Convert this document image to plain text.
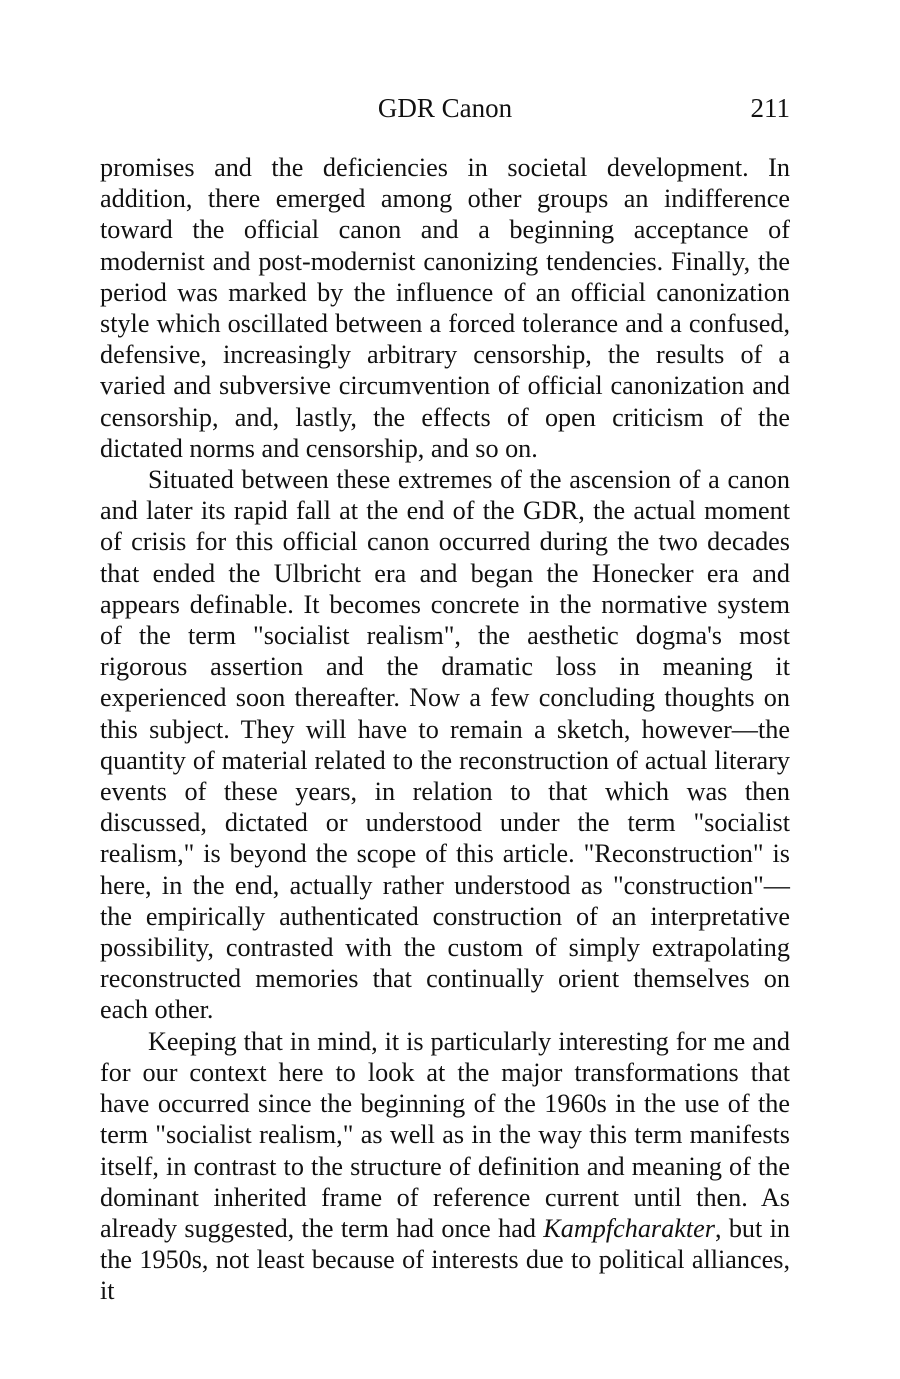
GDR Canon	211

promises and the deficiencies in societal development. In addition, there emerged among other groups an indifference toward the official canon and a beginning acceptance of modernist and post-modernist canonizing tendencies. Finally, the period was marked by the influence of an official canonization style which oscillated between a forced tolerance and a confused, defensive, increasingly arbitrary censorship, the results of a varied and subversive circumvention of official canonization and censorship, and, lastly, the effects of open criticism of the dictated norms and censorship, and so on.

Situated between these extremes of the ascension of a canon and later its rapid fall at the end of the GDR, the actual moment of crisis for this official canon occurred during the two decades that ended the Ulbricht era and began the Honecker era and appears definable. It becomes concrete in the normative system of the term "socialist realism", the aesthetic dogma's most rigorous assertion and the dramatic loss in meaning it experienced soon thereafter. Now a few concluding thoughts on this subject. They will have to remain a sketch, however—the quantity of material related to the reconstruction of actual literary events of these years, in relation to that which was then discussed, dictated or understood under the term "socialist realism," is beyond the scope of this article. "Reconstruction" is here, in the end, actually rather understood as "construction"—the empirically authenticated construction of an interpretative possibility, contrasted with the custom of simply extrapolating reconstructed memories that continually orient themselves on each other.

Keeping that in mind, it is particularly interesting for me and for our context here to look at the major transformations that have occurred since the beginning of the 1960s in the use of the term "socialist realism," as well as in the way this term manifests itself, in contrast to the structure of definition and meaning of the dominant inherited frame of reference current until then. As already suggested, the term had once had Kampfcharakter, but in the 1950s, not least because of interests due to political alliances, it
